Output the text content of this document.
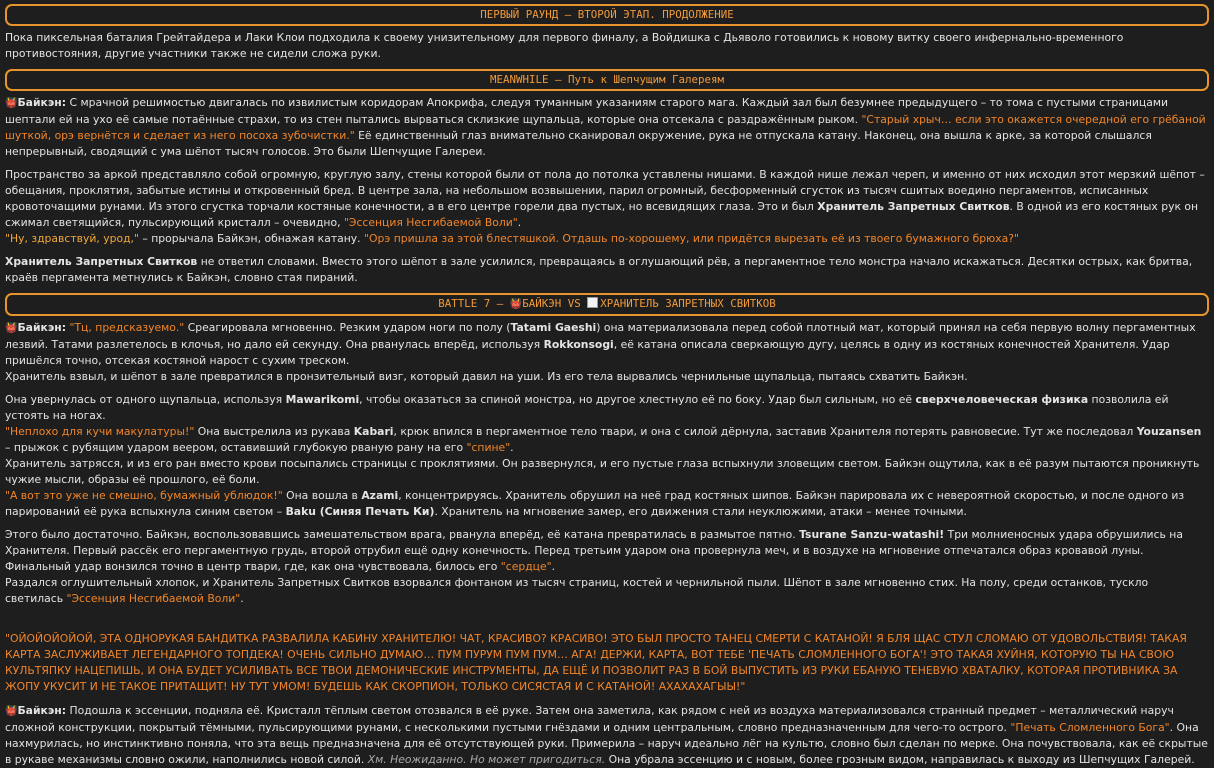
ПЕРВЫЙ РАУНД – ВТОРОЙ ЭТАП. ПРОДОЛЖЕНИЕ

Пока пиксельная баталия Грейтайдера и Лаки Клои подходила к своему унизительному для первого финалу, а Войдишка с Дьяволо готовились к новому витку своего инфернально-временного противостояния, другие участники также не сидели сложа руки.

MEANWHILE – Путь к Шепчущим Галереям

👹Байкэн: С мрачной решимостью двигалась по извилистым коридорам Апокрифа, следуя туманным указаниям старого мага. Каждый зал был безумнее предыдущего – то тома с пустыми страницами шептали ей на ухо её самые потаённые страхи, то из стен пытались вырваться склизкие щупальца, которые она отсекала с раздражённым рыком. "Старый хрыч… если это окажется очередной его грёбаной шуткой, орэ вернётся и сделает из него посоха зубочистки." Её единственный глаз внимательно сканировал окружение, рука не отпускала катану. Наконец, она вышла к арке, за которой слышался непрерывный, сводящий с ума шёпот тысяч голосов. Это были Шепчущие Галереи.

Пространство за аркой представляло собой огромную, круглую залу, стены которой были от пола до потолка уставлены нишами. В каждой нише лежал череп, и именно от них исходил этот мерзкий шёпот – обещания, проклятия, забытые истины и откровенный бред. В центре зала, на небольшом возвышении, парил огромный, бесформенный сгусток из тысяч сшитых воедино пергаментов, исписанных кровоточащими рунами. Из этого сгустка торчали костяные конечности, а в его центре горели два пустых, но всевидящих глаза. Это и был Хранитель Запретных Свитков. В одной из его костяных рук он сжимал светящийся, пульсирующий кристалл – очевидно, "Эссенция Несгибаемой Воли".
"Ну, здравствуй, урод," – прорычала Байкэн, обнажая катану. "Орэ пришла за этой блестяшкой. Отдашь по-хорошему, или придётся вырезать её из твоего бумажного брюха?"

Хранитель Запретных Свитков не ответил словами. Вместо этого шёпот в зале усилился, превращаясь в оглушающий рёв, а пергаментное тело монстра начало искажаться. Десятки острых, как бритва, краёв пергамента метнулись к Байкэн, словно стая пираний.

BATTLE 7 – 👹БАЙКЭН VS ХРАНИТЕЛЬ ЗАПРЕТНЫХ СВИТКОВ

👹Байкэн: "Тц, предсказуемо." Среагировала мгновенно. Резким ударом ноги по полу (Tatami Gaeshi) она материализовала перед собой плотный мат, который принял на себя первую волну пергаментных лезвий. Татами разлетелось в клочья, но дало ей секунду. Она рванулась вперёд, используя Rokkonsogi, её катана описала сверкающую дугу, целясь в одну из костяных конечностей Хранителя. Удар пришёлся точно, отсекая костяной нарост с сухим треском.
Хранитель взвыл, и шёпот в зале превратился в пронзительный визг, который давил на уши. Из его тела вырвались чернильные щупальца, пытаясь схватить Байкэн.

Она увернулась от одного щупальца, используя Mawarikomi, чтобы оказаться за спиной монстра, но другое хлестнуло её по боку. Удар был сильным, но её сверхчеловеческая физика позволила ей устоять на ногах.
"Неплохо для кучи макулатуры!" Она выстрелила из рукава Kabari, крюк впился в пергаментное тело твари, и она с силой дёрнула, заставив Хранителя потерять равновесие. Тут же последовал Youzansen – прыжок с рубящим ударом веером, оставивший глубокую рваную рану на его "спине".
Хранитель затрясся, и из его ран вместо крови посыпались страницы с проклятиями. Он развернулся, и его пустые глаза вспыхнули зловещим светом. Байкэн ощутила, как в её разум пытаются проникнуть чужие мысли, образы её прошлого, её боли.
"А вот это уже не смешно, бумажный ублюдок!" Она вошла в Azami, концентрируясь. Хранитель обрушил на неё град костяных шипов. Байкэн парировала их с невероятной скоростью, и после одного из парирований её рука вспыхнула синим светом – Baku (Синяя Печать Ки). Хранитель на мгновение замер, его движения стали неуклюжими, атаки – менее точными.

Этого было достаточно. Байкэн, воспользовавшись замешательством врага, рванула вперёд, её катана превратилась в размытое пятно. Tsurane Sanzu-watashi! Три молниеносных удара обрушились на Хранителя. Первый рассёк его пергаментную грудь, второй отрубил ещё одну конечность. Перед третьим ударом она провернула меч, и в воздухе на мгновение отпечатался образ кровавой луны. Финальный удар вонзился точно в центр твари, где, как она чувствовала, билось его "сердце".
Раздался оглушительный хлопок, и Хранитель Запретных Свитков взорвался фонтаном из тысяч страниц, костей и чернильной пыли. Шёпот в зале мгновенно стих. На полу, среди останков, тускло светилась "Эссенция Несгибаемой Воли".

"ОЙОЙОЙОЙОЙ, ЭТА ОДНОРУКАЯ БАНДИТКА РАЗВАЛИЛА КАБИНУ ХРАНИТЕЛЮ! ЧАТ, КРАСИВО? КРАСИВО! ЭТО БЫЛ ПРОСТО ТАНЕЦ СМЕРТИ С КАТАНОЙ! Я БЛЯ ЩАС СТУЛ СЛОМАЮ ОТ УДОВОЛЬСТВИЯ! ТАКАЯ КАРТА ЗАСЛУЖИВАЕТ ЛЕГЕНДАРНОГО ТОПДЕКА! ОЧЕНЬ СИЛЬНО ДУМАЮ… ПУМ ПУРУМ ПУМ ПУМ… АГА! ДЕРЖИ, КАРТА, ВОТ ТЕБЕ 'ПЕЧАТЬ СЛОМЛЕННОГО БОГА'! ЭТО ТАКАЯ ХУЙНЯ, КОТОРУЮ ТЫ НА СВОЮ КУЛЬТЯПКУ НАЦЕПИШЬ, И ОНА БУДЕТ УСИЛИВАТЬ ВСЕ ТВОИ ДЕМОНИЧЕСКИЕ ИНСТРУМЕНТЫ, ДА ЕЩЁ И ПОЗВОЛИТ РАЗ В БОЙ ВЫПУСТИТЬ ИЗ РУКИ ЕБАНУЮ ТЕНЕВУЮ ХВАТАЛКУ, КОТОРАЯ ПРОТИВНИКА ЗА ЖОПУ УКУСИТ И НЕ ТАКОЕ ПРИТАЩИТ! НУ ТУТ УМОМ! БУДЕШЬ КАК СКОРПИОН, ТОЛЬКО СИСЯСТАЯ И С КАТАНОЙ! АХАХАХАГЫЫ!"

👹Байкэн: Подошла к эссенции, подняла её. Кристалл тёплым светом отозвался в её руке. Затем она заметила, как рядом с ней из воздуха материализовался странный предмет – металлический наруч сложной конструкции, покрытый тёмными, пульсирующими рунами, с несколькими пустыми гнёздами и одним центральным, словно предназначенным для чего-то острого. "Печать Сломленного Бога". Она нахмурилась, но инстинктивно поняла, что эта вещь предназначена для её отсутствующей руки. Примерила – наруч идеально лёг на культю, словно был сделан по мерке. Она почувствовала, как её скрытые в рукаве механизмы словно ожили, наполнились новой силой. Хм. Неожиданно. Но может пригодиться. Она убрала эссенцию и с новым, более грозным видом, направилась к выходу из Шепчущих Галерей.
